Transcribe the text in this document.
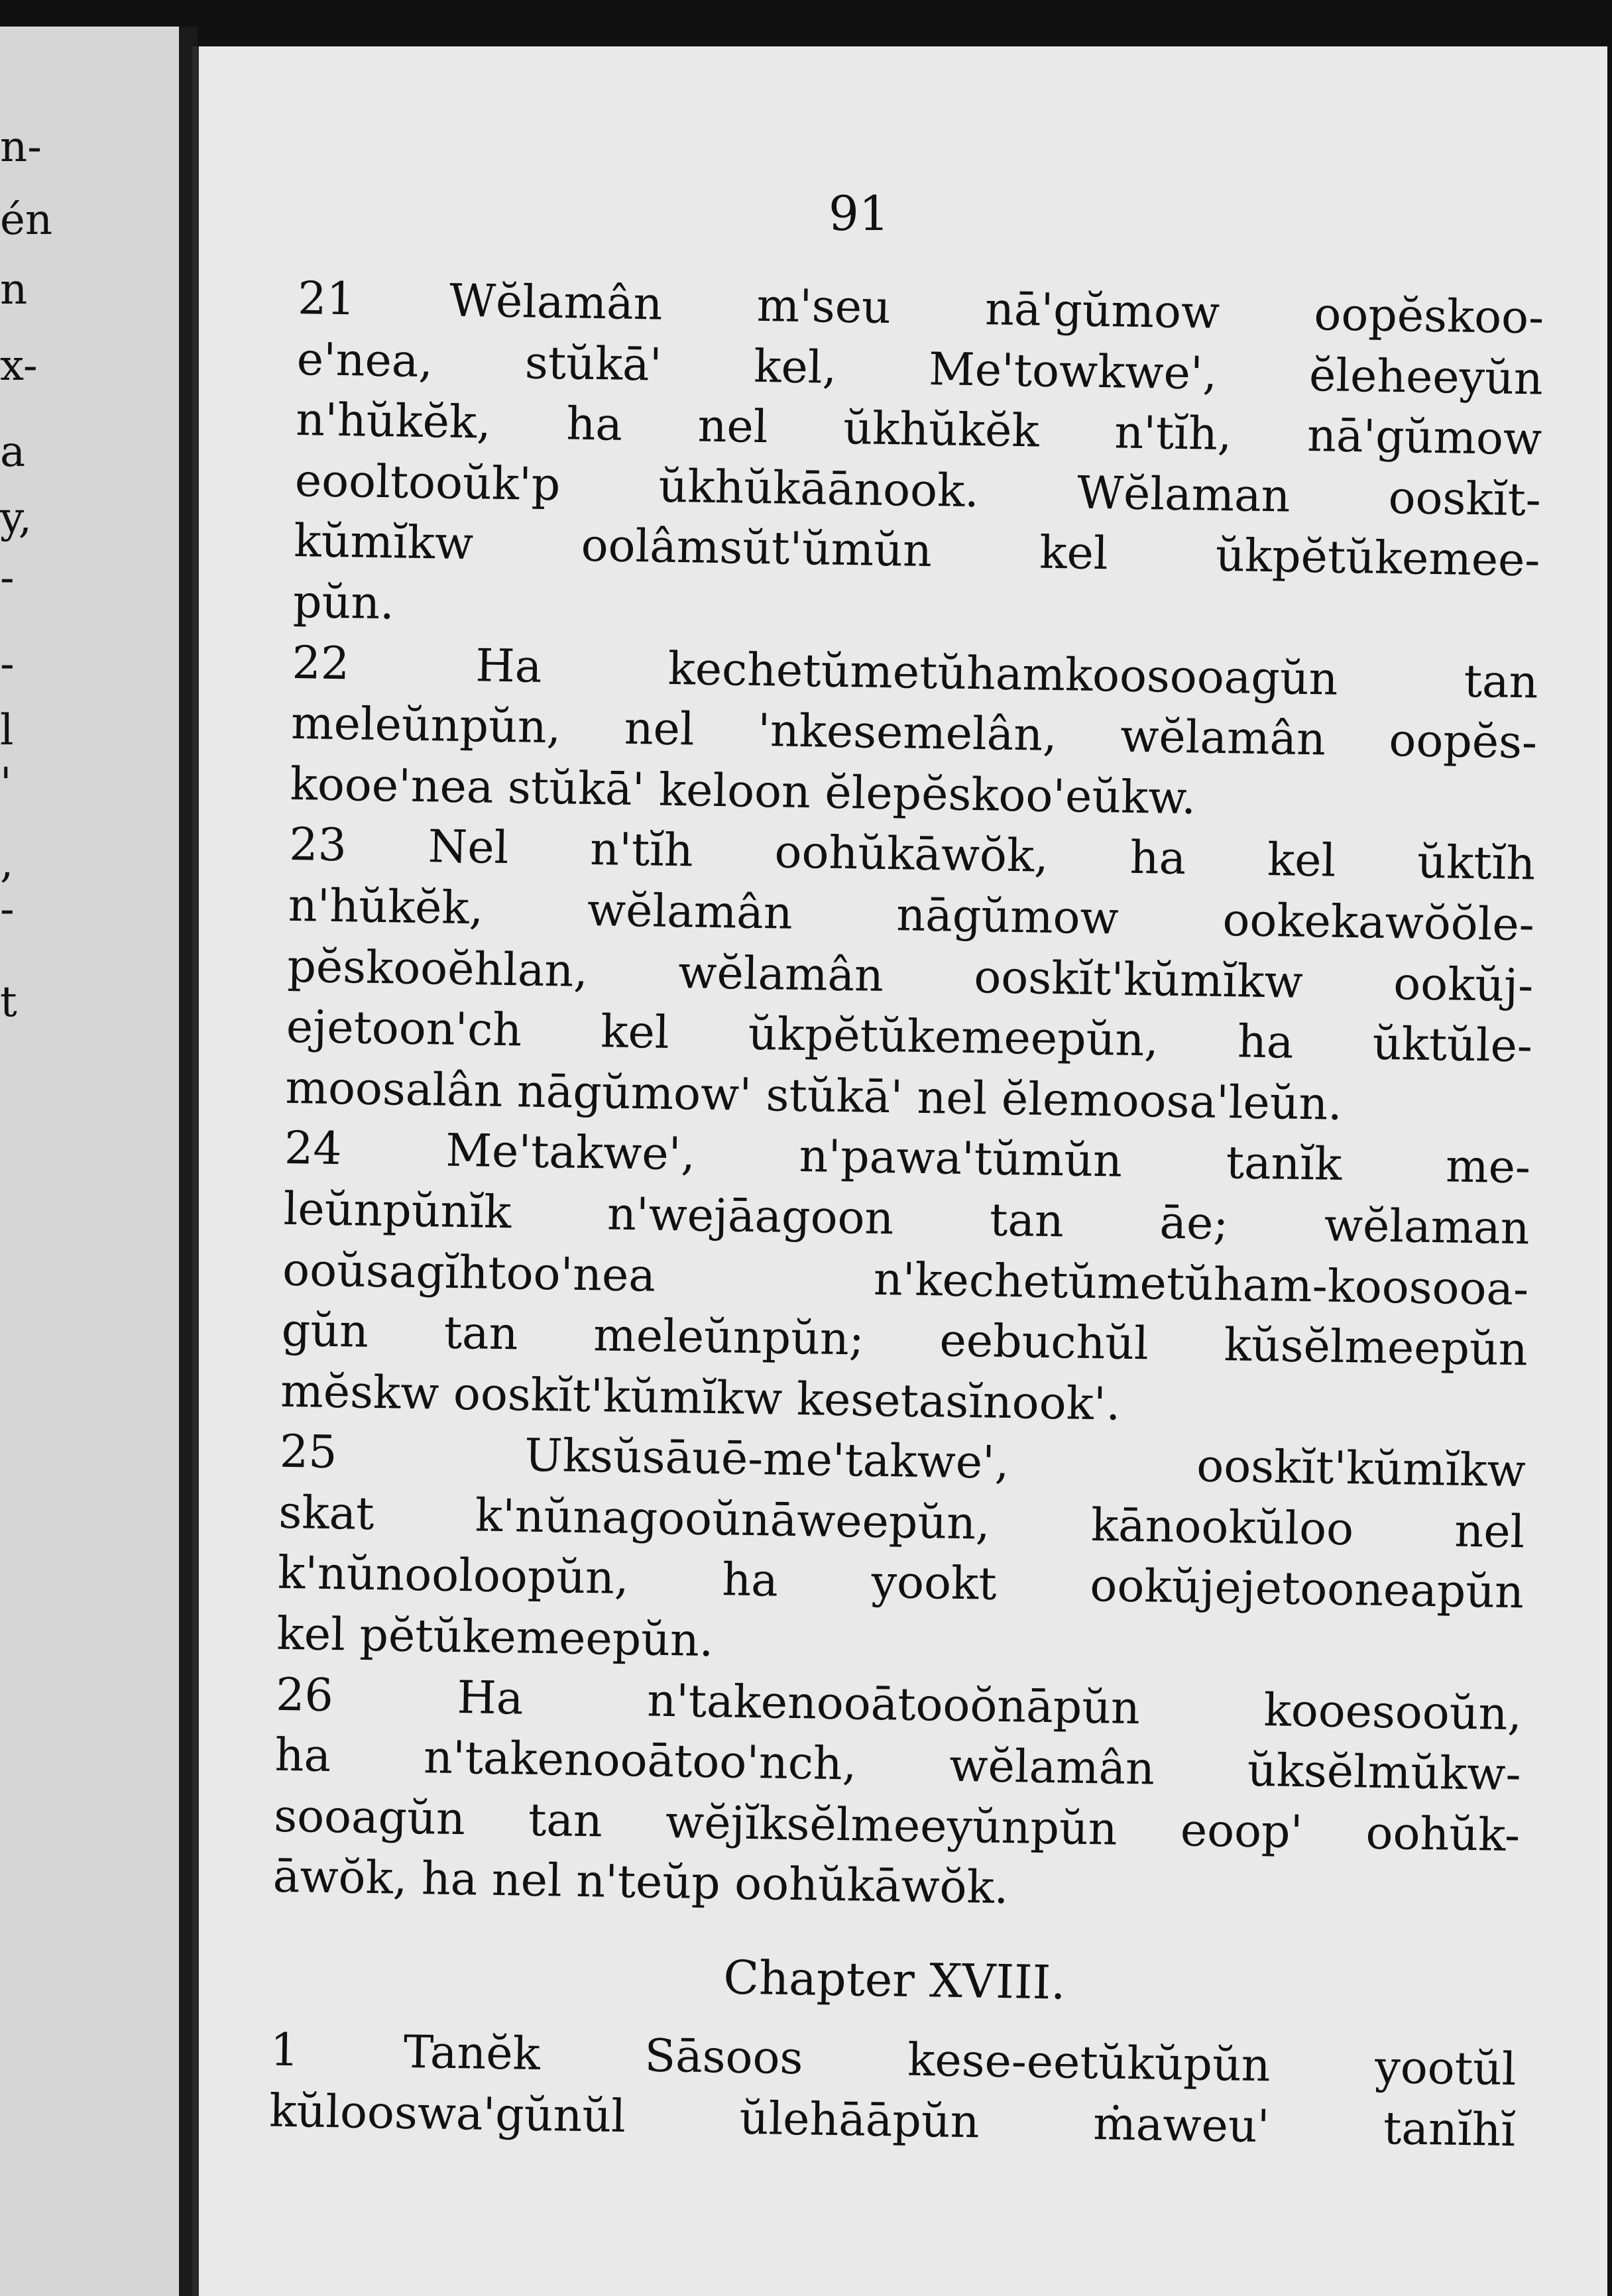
n-
én
n
x-
a
y,
-
-
l
'
,
-
t
91
21 Wĕlamân m'seu nā'gŭmow oopĕskoo-
e'nea, stŭkā' kel, Me'towkwe', ĕleheeyŭn
n'hŭkĕk, ha nel ŭkhŭkĕk n'tĭh, nā'gŭmow
eooltooŭk'p ŭkhŭkāānook. Wĕlaman ooskĭt-
kŭmĭkw oolâmsŭt'ŭmŭn kel ŭkpĕtŭkemee-
pŭn.
22 Ha kechetŭmetŭhamkoosooagŭn tan
meleŭnpŭn, nel 'nkesemelân, wĕlamân oopĕs-
kooe'nea stŭkā' keloon ĕlepĕskoo'eŭkw.
23 Nel n'tĭh oohŭkāwŏk, ha kel ŭktĭh
n'hŭkĕk, wĕlamân nāgŭmow ookekawŏŏle-
pĕskooĕhlan, wĕlamân ooskĭt'kŭmĭkw ookŭj-
ejetoon'ch kel ŭkpĕtŭkemeepŭn, ha ŭktŭle-
moosalân nāgŭmow' stŭkā' nel ĕlemoosa'leŭn.
24 Me'takwe', n'pawa'tŭmŭn tanĭk me-
leŭnpŭnĭk n'wejāagoon tan āe; wĕlaman
ooŭsagĭhtoo'nea n'kechetŭmetŭham-koosooa-
gŭn tan meleŭnpŭn; eebuchŭl kŭsĕlmeepŭn
mĕskw ooskĭt'kŭmĭkw kesetasĭnook'.
25 Uksŭsāuē-me'takwe', ooskĭt'kŭmĭkw
skat k'nŭnagooŭnāweepŭn, kānookŭloo nel
k'nŭnooloopŭn, ha yookt ookŭjejetooneapŭn
kel pĕtŭkemeepŭn.
26 Ha n'takenooātooŏnāpŭn kooesooŭn,
ha n'takenooātoo'nch, wĕlamân ŭksĕlmŭkw-
sooagŭn tan wĕjĭksĕlmeeyŭnpŭn eoop' oohŭk-
āwŏk, ha nel n'teŭp oohŭkāwŏk.
Chapter XVIII.
1 Tanĕk Sāsoos kese-eetŭkŭpŭn yootŭl
kŭlooswa'gŭnŭl ŭlehāāpŭn ṁaweu' tanĭhĭ
